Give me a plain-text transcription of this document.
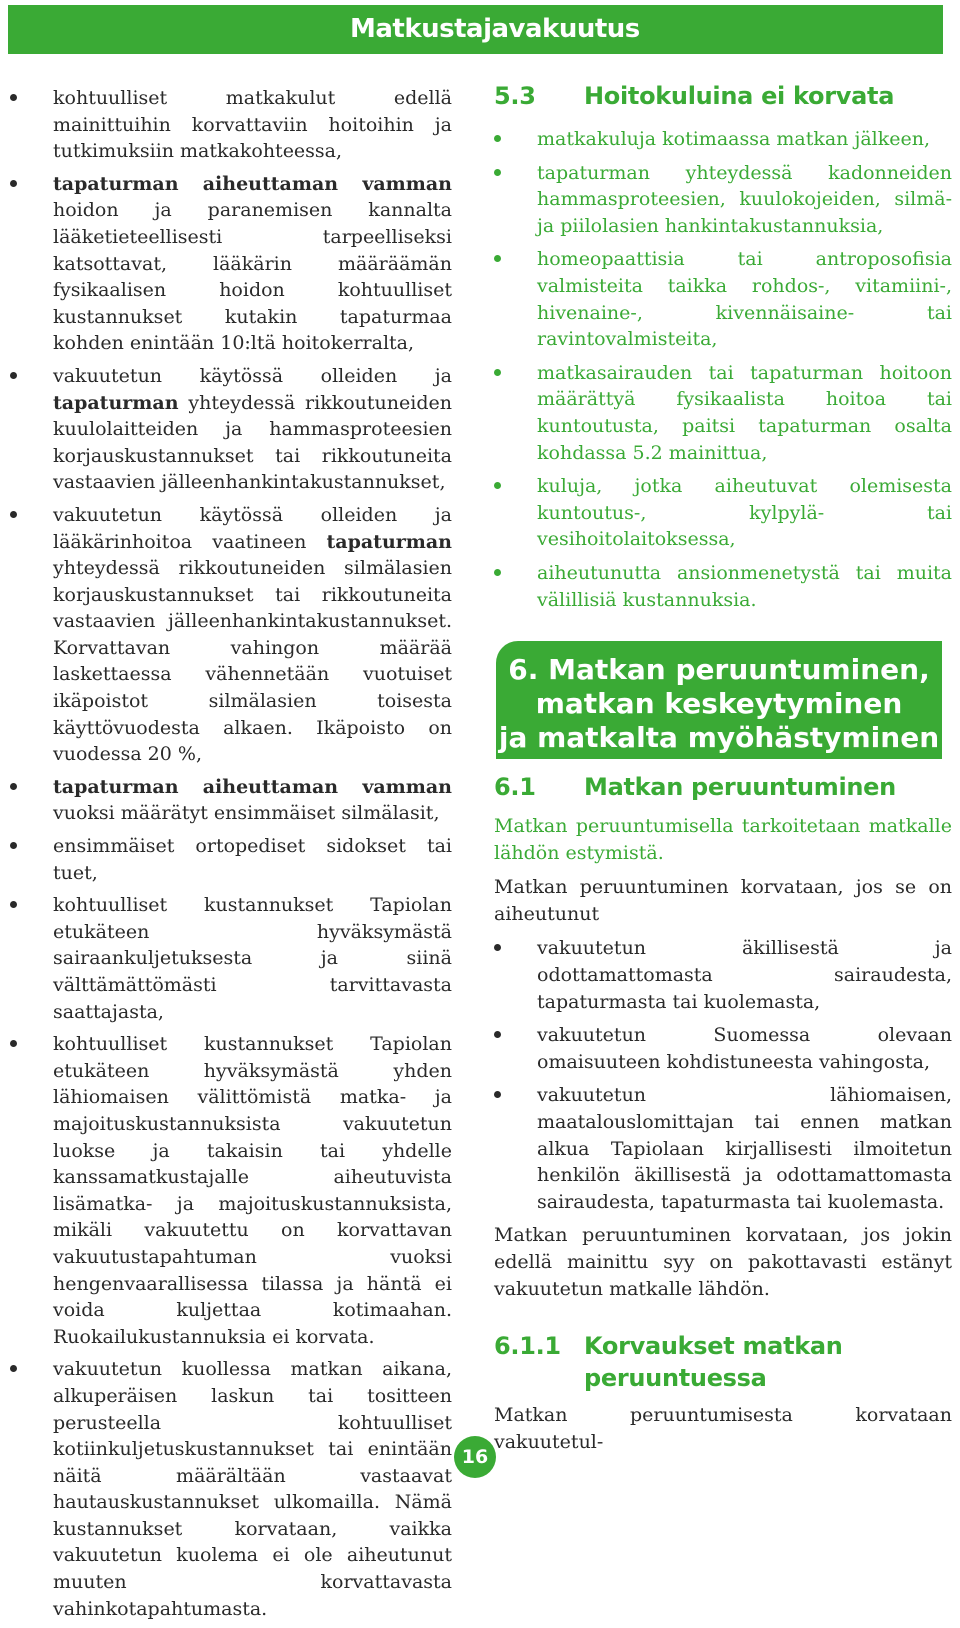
Matkustajavakuutus
kohtuulliset matkakulut edellä mainittuihin korvattaviin hoitoihin ja tutkimuksiin matkakohteessa,
tapaturman aiheuttaman vamman hoidon ja paranemisen kannalta lääketieteellisesti tarpeelliseksi katsottavat, lääkärin määräämän fysikaalisen hoidon kohtuulliset kustannukset kutakin tapaturmaa kohden enintään 10:ltä hoitokerralta,
vakuutetun käytössä olleiden ja tapaturman yhteydessä rikkoutuneiden kuulolaitteiden ja hammasproteesien korjauskustannukset tai rikkoutuneita vastaavien jälleenhankintakustannukset,
vakuutetun käytössä olleiden ja lääkärinhoitoa vaatineen tapaturman yhteydessä rikkoutuneiden silmälasien korjauskustannukset tai rikkoutuneita vastaavien jälleenhankintakustannukset. Korvattavan vahingon määrää laskettaessa vähennetään vuotuiset ikäpoistot silmälasien toisesta käyttövuodesta alkaen. Ikäpoisto on vuodessa 20 %,
tapaturman aiheuttaman vamman vuoksi määrätyt ensimmäiset silmälasit,
ensimmäiset ortopediset sidokset tai tuet,
kohtuulliset kustannukset Tapiolan etukäteen hyväksymästä sairaankuljetuksesta ja siinä välttämättömästi tarvittavasta saattajasta,
kohtuulliset kustannukset Tapiolan etukäteen hyväksymästä yhden lähiomaisen välittömistä matka- ja majoituskustannuksista vakuutetun luokse ja takaisin tai yhdelle kanssamatkustajalle aiheutuvista lisämatka- ja majoituskustannuksista, mikäli vakuutettu on korvattavan vakuutustapahtuman vuoksi hengenvaarallisessa tilassa ja häntä ei voida kuljettaa kotimaahan. Ruokailukustannuksia ei korvata.
vakuutetun kuollessa matkan aikana, alkuperäisen laskun tai tositteen perusteella kohtuulliset kotiinkuljetuskustannukset tai enintään näitä määrältään vastaavat hautauskustannukset ulkomailla. Nämä kustannukset korvataan, vaikka vakuutetun kuolema ei ole aiheutunut muuten korvattavasta vahinkotapahtumasta.
5.3	Hoitokuluina ei korvata
matkakuluja kotimaassa matkan jälkeen,
tapaturman yhteydessä kadonneiden hammasproteesien, kuulokojeiden, silmä- ja piilolasien hankintakustannuksia,
homeopaattisia tai antroposofisia valmisteita taikka rohdos-, vitamiini-, hivenaine-, kivennäisaine- tai ravintovalmisteita,
matkasairauden tai tapaturman hoitoon määrättyä fysikaalista hoitoa tai kuntoutusta, paitsi tapaturman osalta kohdassa 5.2 mainittua,
kuluja, jotka aiheutuvat olemisesta kuntoutus-, kylpylä- tai vesihoitolaitoksessa,
aiheutunutta ansionmenetystä tai muita välillisiä kustannuksia.
6. Matkan peruuntuminen,
matkan keskeytyminen
ja matkalta myöhästyminen
6.1	Matkan peruuntuminen

Matkan peruuntumisella tarkoitetaan matkalle lähdön estymistä.

Matkan peruuntuminen korvataan, jos se on aiheutunut

vakuutetun äkillisestä ja odottamattomasta sairaudesta, tapaturmasta tai kuolemasta,
vakuutetun Suomessa olevaan omaisuuteen kohdistuneesta vahingosta,
vakuutetun lähiomaisen, maatalouslomittajan tai ennen matkan alkua Tapiolaan kirjallisesti ilmoitetun henkilön äkillisestä ja odottamattomasta sairaudesta, tapaturmasta tai kuolemasta.

Matkan peruuntuminen korvataan, jos jokin edellä mainittu syy on pakottavasti estänyt vakuutetun matkalle lähdön.

6.1.1 Korvaukset matkan
peruuntuessa

Matkan peruuntumisesta korvataan vakuutetul-

16
